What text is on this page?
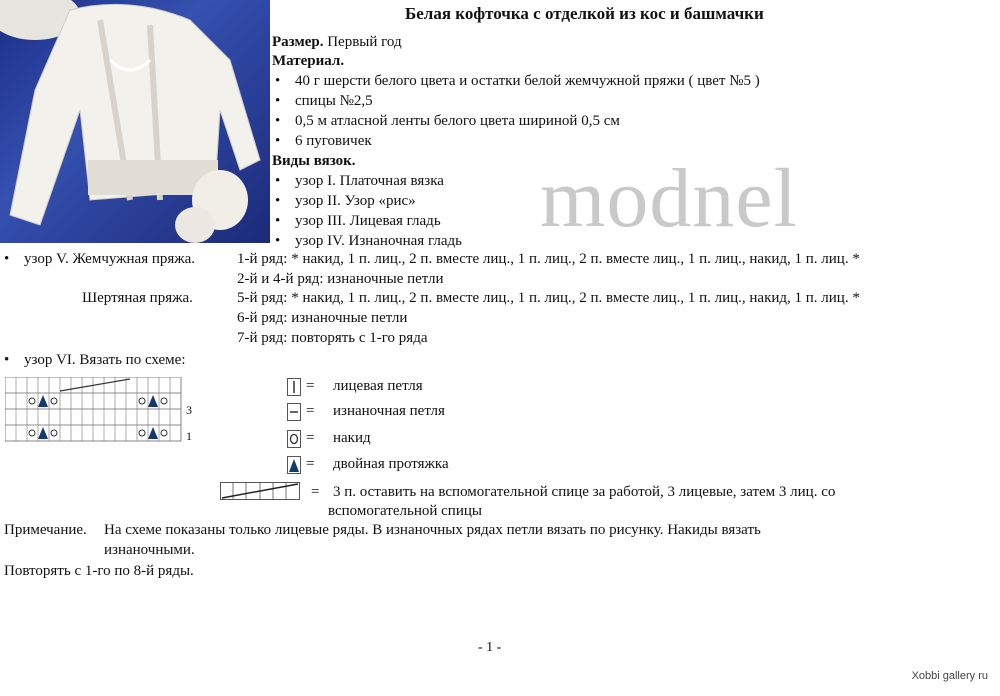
Белая кофточка с отделкой из кос и башмачки
Размер. Первый год
Материал.
• 40 г шерсти белого цвета и остатки белой жемчужной пряжи ( цвет №5 )
• спицы №2,5
• 0,5 м атласной ленты белого цвета шириной 0,5 см
• 6 пуговичек
Виды вязок.
• узор I. Платочная вязка
• узор II. Узор «рис»
• узор III. Лицевая гладь
• узор IV. Изнаночная гладь modnel
• узор V. Жемчужная пряжа.
Шертяная пряжа.
1-й ряд: * накид, 1 п. лиц., 2 п. вместе лиц., 1 п. лиц., 2 п. вместе лиц., 1 п. лиц., накид, 1 п. лиц. *
2-й и 4-й ряд: изнаночные петли
5-й ряд: * накид, 1 п. лиц., 2 п. вместе лиц., 1 п. лиц., 2 п. вместе лиц., 1 п. лиц., накид, 1 п. лиц. *
6-й ряд: изнаночные петли
7-й ряд: повторять с 1-го ряда
• узор VI. Вязать по схеме:
3
1
= лицевая петля
= изнаночная петля
= накид
= двойная протяжка
= 3 п. оставить на вспомогательной спице за работой, 3 лицевые, затем 3 лиц. со
вспомогательной спицы
Примечание. На схеме показаны только лицевые ряды. В изнаночных рядах петли вязать по рисунку. Накиды вязать
изнаночными.
Повторять с 1-го по 8-й ряды.
- 1 -
Xobbi gallery ru
